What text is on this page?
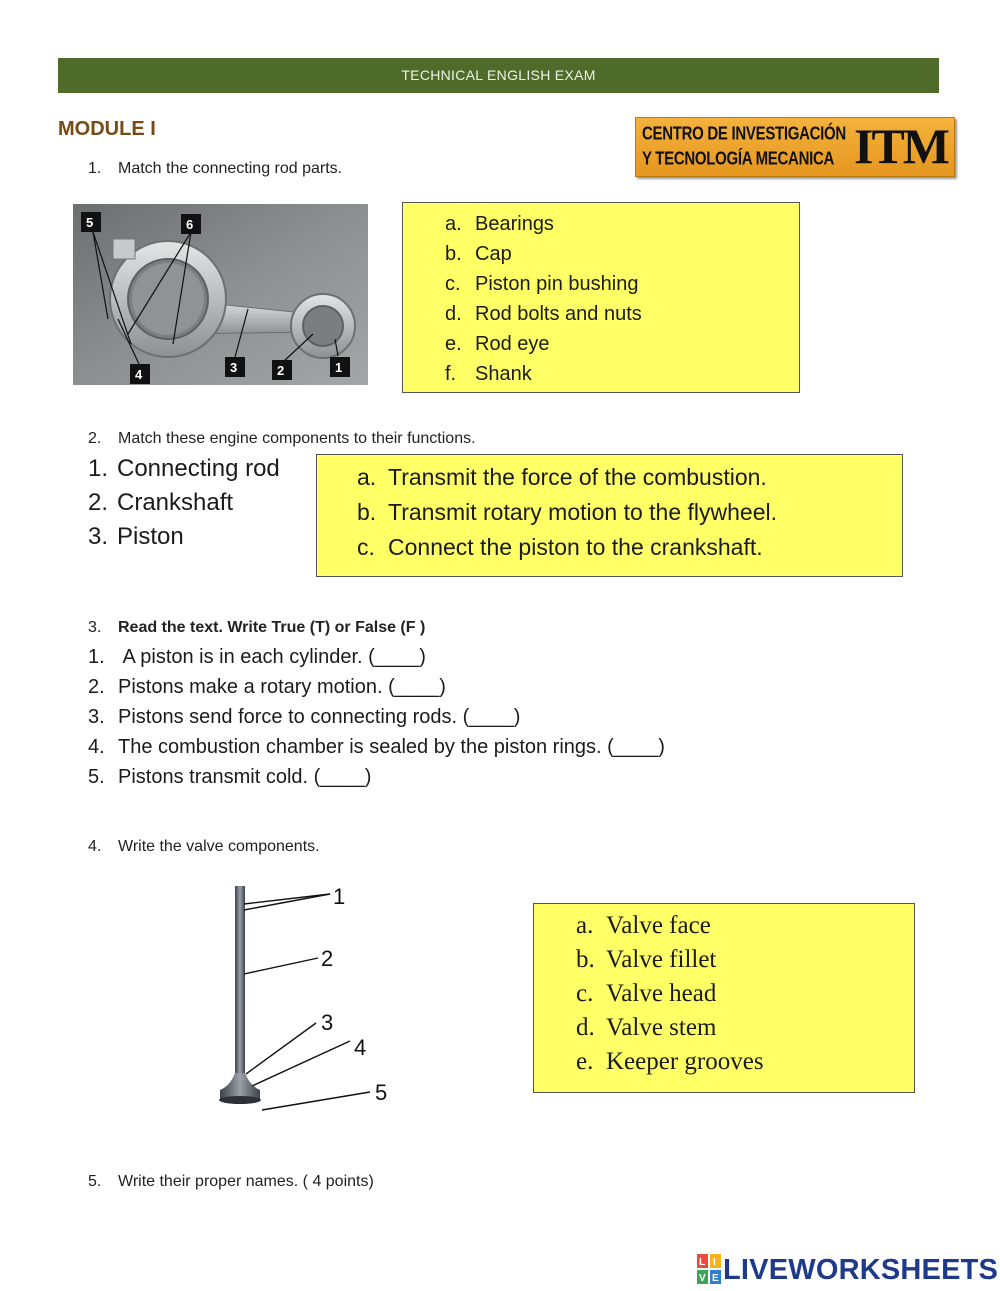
TECHNICAL ENGLISH EXAM
MODULE I	CENTRO DE INVESTIGACIÓN
Y TECNOLOGÍA MECANICA ITM
1. Match the connecting rod parts.
5	6
4	3	2	1
a. Bearings
b. Cap
c. Piston pin bushing
d. Rod bolts and nuts
e. Rod eye
f. Shank
2. Match these engine components to their functions.
1. Connecting rod
2. Crankshaft
3. Piston
a. Transmit the force of the combustion.
b. Transmit rotary motion to the flywheel.
c. Connect the piston to the crankshaft.
3. Read the text. Write True (T) or False (F )
1. A piston is in each cylinder. (____)
2. Pistons make a rotary motion. (____)
3. Pistons send force to connecting rods. (____)
4. The combustion chamber is sealed by the piston rings. (____)
5. Pistons transmit cold. (____)
4. Write the valve components.
1
2
3
4
5
a. Valve face
b. Valve fillet
c. Valve head
d. Valve stem
e. Keeper grooves
5. Write their proper names. ( 4 points)
L I
V E LIVEWORKSHEETS
